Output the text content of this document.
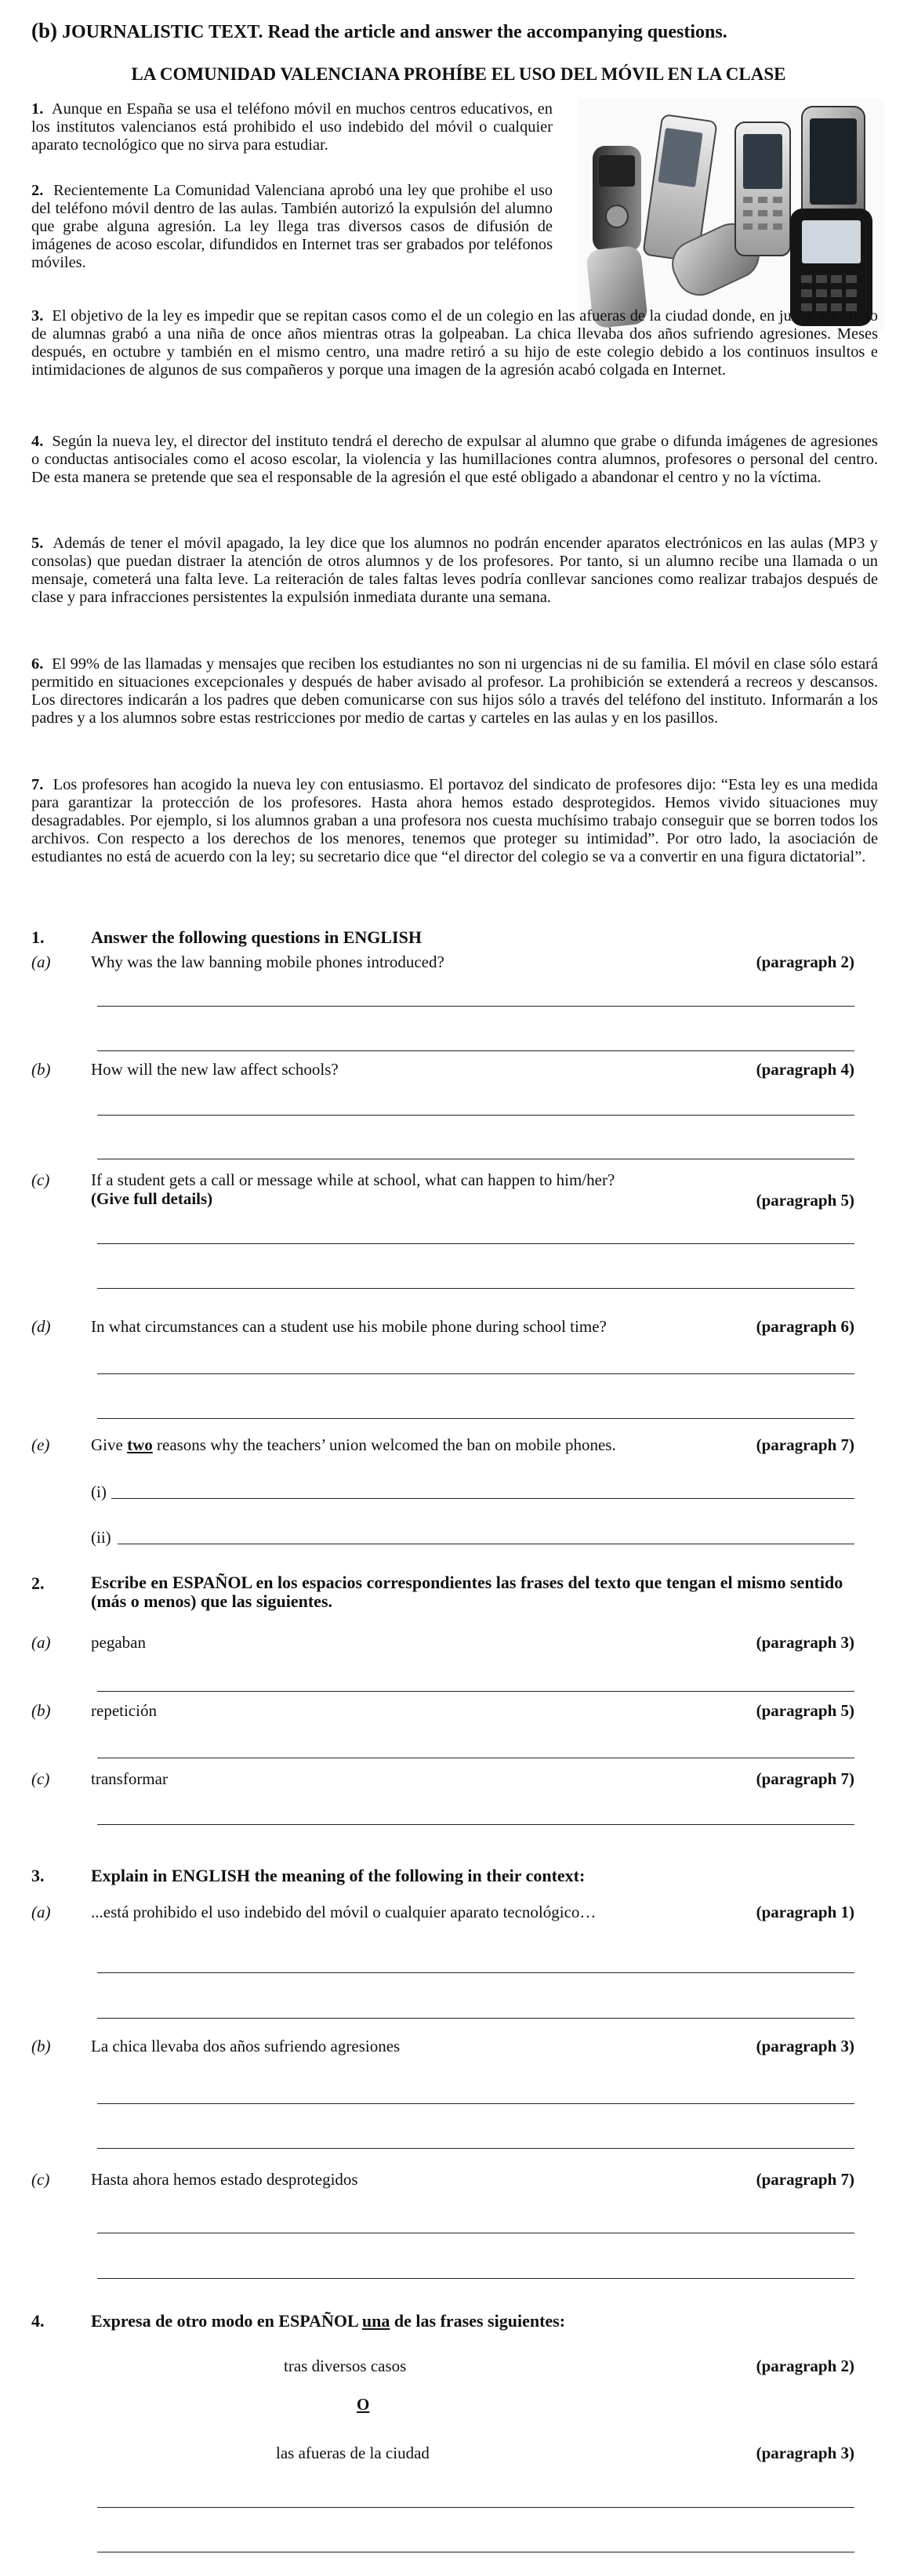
(b) JOURNALISTIC TEXT. Read the article and answer the accompanying questions.
LA COMUNIDAD VALENCIANA PROHÍBE EL USO DEL MÓVIL EN LA CLASE
1. Aunque en España se usa el teléfono móvil en muchos centros educativos, en los institutos valencianos está prohibido el uso indebido del móvil o cualquier aparato tecnológico que no sirva para estudiar.
2. Recientemente La Comunidad Valenciana aprobó una ley que prohibe el uso del teléfono móvil dentro de las aulas. También autorizó la expulsión del alumno que grabe alguna agresión. La ley llega tras diversos casos de difusión de imágenes de acoso escolar, difundidos en Internet tras ser grabados por teléfonos móviles.
3. El objetivo de la ley es impedir que se repitan casos como el de un colegio en las afueras de la ciudad donde, en junio, un grupo de alumnas grabó a una niña de once años mientras otras la golpeaban. La chica llevaba dos años sufriendo agresiones. Meses después, en octubre y también en el mismo centro, una madre retiró a su hijo de este colegio debido a los continuos insultos e intimidaciones de algunos de sus compañeros y porque una imagen de la agresión acabó colgada en Internet.
4. Según la nueva ley, el director del instituto tendrá el derecho de expulsar al alumno que grabe o difunda imágenes de agresiones o conductas antisociales como el acoso escolar, la violencia y las humillaciones contra alumnos, profesores o personal del centro. De esta manera se pretende que sea el responsable de la agresión el que esté obligado a abandonar el centro y no la víctima.
5. Además de tener el móvil apagado, la ley dice que los alumnos no podrán encender aparatos electrónicos en las aulas (MP3 y consolas) que puedan distraer la atención de otros alumnos y de los profesores. Por tanto, si un alumno recibe una llamada o un mensaje, cometerá una falta leve. La reiteración de tales faltas leves podría conllevar sanciones como realizar trabajos después de clase y para infracciones persistentes la expulsión inmediata durante una semana.
6. El 99% de las llamadas y mensajes que reciben los estudiantes no son ni urgencias ni de su familia. El móvil en clase sólo estará permitido en situaciones excepcionales y después de haber avisado al profesor. La prohibición se extenderá a recreos y descansos. Los directores indicarán a los padres que deben comunicarse con sus hijos sólo a través del teléfono del instituto. Informarán a los padres y a los alumnos sobre estas restricciones por medio de cartas y carteles en las aulas y en los pasillos.
7. Los profesores han acogido la nueva ley con entusiasmo. El portavoz del sindicato de profesores dijo: “Esta ley es una medida para garantizar la protección de los profesores. Hasta ahora hemos estado desprotegidos. Hemos vivido situaciones muy desagradables. Por ejemplo, si los alumnos graban a una profesora nos cuesta muchísimo trabajo conseguir que se borren todos los archivos. Con respecto a los derechos de los menores, tenemos que proteger su intimidad”. Por otro lado, la asociación de estudiantes no está de acuerdo con la ley; su secretario dice que “el director del colegio se va a convertir en una figura dictatorial”.
1.	Answer the following questions in ENGLISH
(a) Why was the law banning mobile phones introduced?	(paragraph 2)
(b) How will the new law affect schools?	(paragraph 4)
(c)	If a student gets a call or message while at school, what can happen to him/her?
(Give full details)	(paragraph 5)
(d) In what circumstances can a student use his mobile phone during school time?	(paragraph 6)
(e)	Give two reasons why the teachers’ union welcomed the ban on mobile phones.	(paragraph 7)
(i)
(ii)
2.	Escribe en ESPAÑOL en los espacios correspondientes las frases del texto que tengan el mismo sentido (más o menos) que las siguientes.
(a) pegaban	(paragraph 3)
(b) repetición	(paragraph 5)
(c)	transformar	(paragraph 7)
3.	Explain in ENGLISH the meaning of the following in their context:
(a) ...está prohibido el uso indebido del móvil o cualquier aparato tecnológico…	(paragraph 1)
(b) La chica llevaba dos años sufriendo agresiones	(paragraph 3)
(c)	Hasta ahora hemos estado desprotegidos	(paragraph 7)
4.	Expresa de otro modo en ESPAÑOL una de las frases siguientes:
tras diversos casos	(paragraph 2)
O
las afueras de la ciudad	(paragraph 3)
